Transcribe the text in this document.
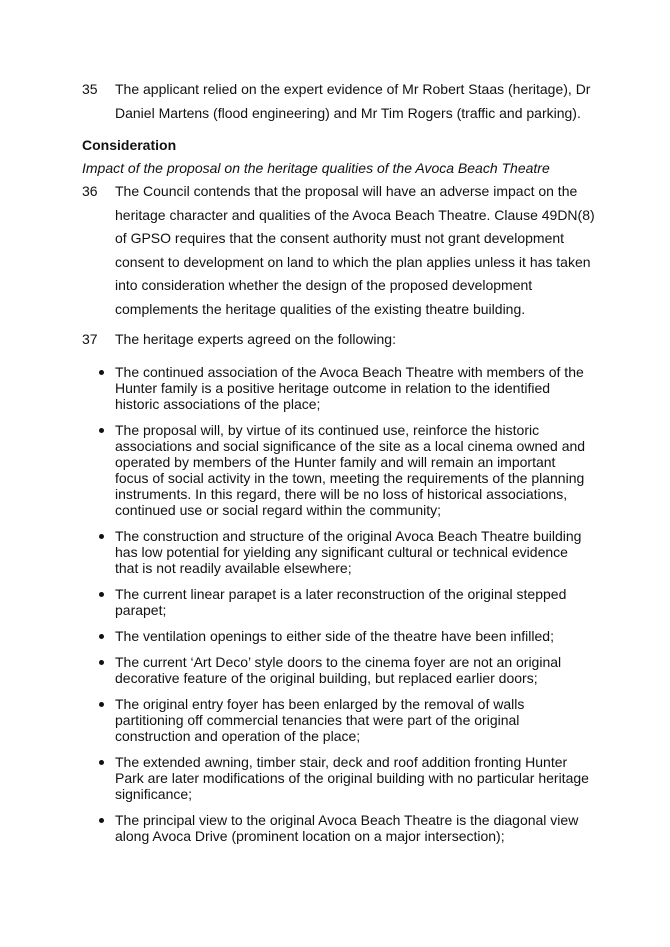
35	The applicant relied on the expert evidence of Mr Robert Staas (heritage), Dr Daniel Martens (flood engineering) and Mr Tim Rogers (traffic and parking).
Consideration
Impact of the proposal on the heritage qualities of the Avoca Beach Theatre
36	The Council contends that the proposal will have an adverse impact on the heritage character and qualities of the Avoca Beach Theatre. Clause 49DN(8) of GPSO requires that the consent authority must not grant development consent to development on land to which the plan applies unless it has taken into consideration whether the design of the proposed development complements the heritage qualities of the existing theatre building.
37	The heritage experts agreed on the following:
The continued association of the Avoca Beach Theatre with members of the Hunter family is a positive heritage outcome in relation to the identified historic associations of the place;
The proposal will, by virtue of its continued use, reinforce the historic associations and social significance of the site as a local cinema owned and operated by members of the Hunter family and will remain an important focus of social activity in the town, meeting the requirements of the planning instruments. In this regard, there will be no loss of historical associations, continued use or social regard within the community;
The construction and structure of the original Avoca Beach Theatre building has low potential for yielding any significant cultural or technical evidence that is not readily available elsewhere;
The current linear parapet is a later reconstruction of the original stepped parapet;
The ventilation openings to either side of the theatre have been infilled;
The current ‘Art Deco’ style doors to the cinema foyer are not an original decorative feature of the original building, but replaced earlier doors;
The original entry foyer has been enlarged by the removal of walls partitioning off commercial tenancies that were part of the original construction and operation of the place;
The extended awning, timber stair, deck and roof addition fronting Hunter Park are later modifications of the original building with no particular heritage significance;
The principal view to the original Avoca Beach Theatre is the diagonal view along Avoca Drive (prominent location on a major intersection);
